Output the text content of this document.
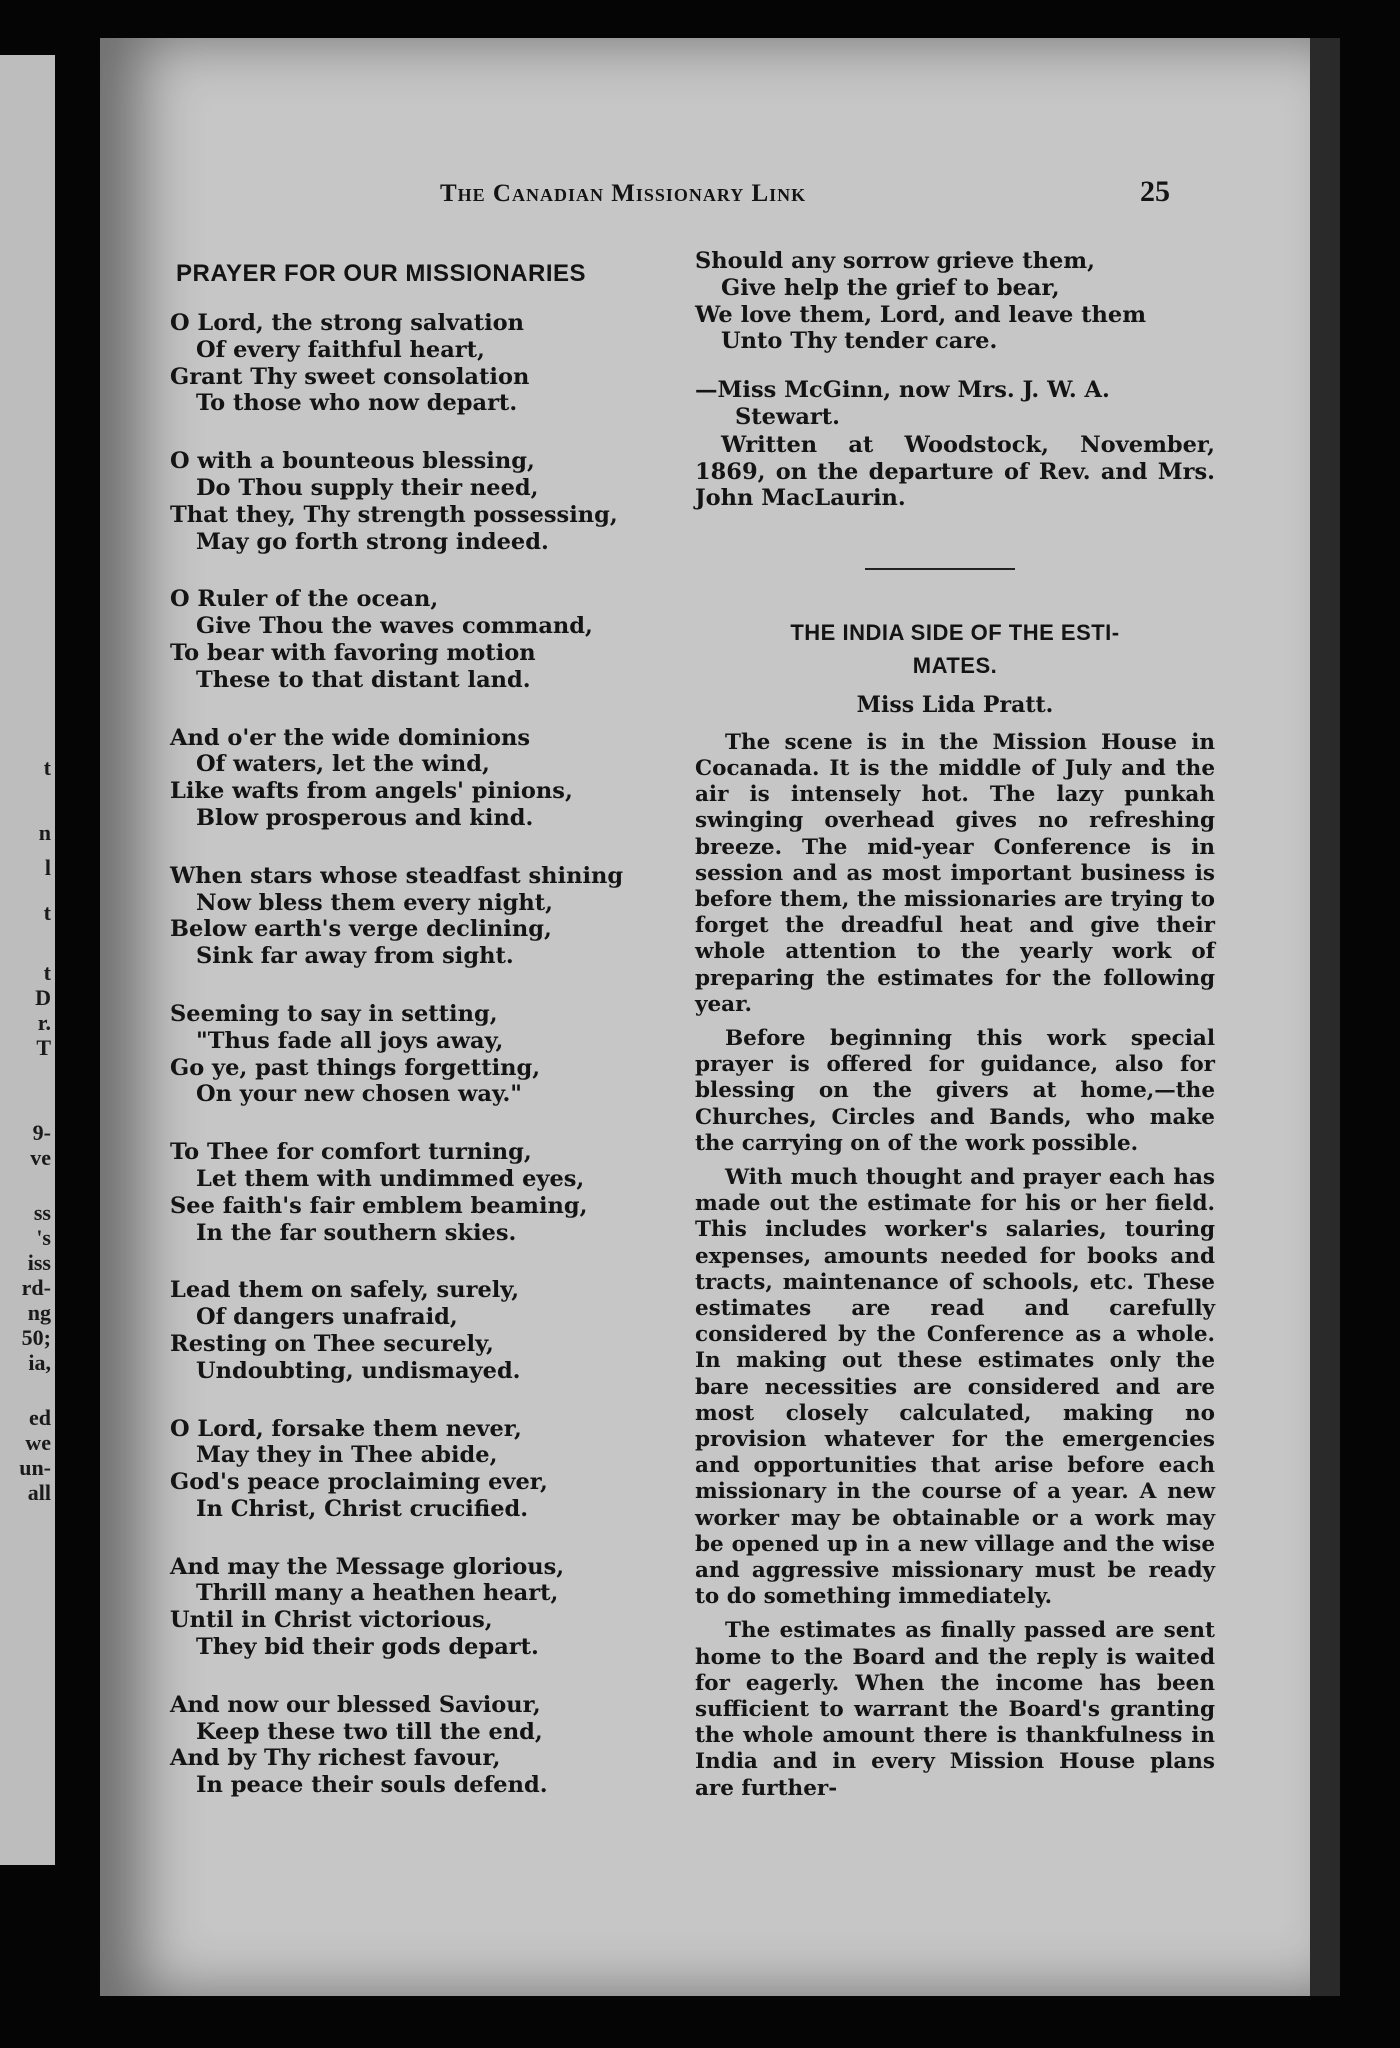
t
n
l
t
t
D
r.
T
9-
ve
ss
's
iss
rd-
ng
50;
ia,
ed
we
un-
all
The Canadian Missionary Link	25
PRAYER FOR OUR MISSIONARIES
O Lord, the strong salvation
Of every faithful heart,
Grant Thy sweet consolation
To those who now depart.
O with a bounteous blessing,
Do Thou supply their need,
That they, Thy strength possessing,
May go forth strong indeed.
O Ruler of the ocean,
Give Thou the waves command,
To bear with favoring motion
These to that distant land.
And o'er the wide dominions
Of waters, let the wind,
Like wafts from angels' pinions,
Blow prosperous and kind.
When stars whose steadfast shining
Now bless them every night,
Below earth's verge declining,
Sink far away from sight.
Seeming to say in setting,
"Thus fade all joys away,
Go ye, past things forgetting,
On your new chosen way."
To Thee for comfort turning,
Let them with undimmed eyes,
See faith's fair emblem beaming,
In the far southern skies.
Lead them on safely, surely,
Of dangers unafraid,
Resting on Thee securely,
Undoubting, undismayed.
O Lord, forsake them never,
May they in Thee abide,
God's peace proclaiming ever,
In Christ, Christ crucified.
And may the Message glorious,
Thrill many a heathen heart,
Until in Christ victorious,
They bid their gods depart.
And now our blessed Saviour,
Keep these two till the end,
And by Thy richest favour,
In peace their souls defend.
Should any sorrow grieve them,
Give help the grief to bear,
We love them, Lord, and leave them
Unto Thy tender care.
—Miss McGinn, now Mrs. J. W. A.
Stewart.
Written at Woodstock, November, 1869, on the departure of Rev. and Mrs. John MacLaurin.
THE INDIA SIDE OF THE ESTI-
MATES.
Miss Lida Pratt.

The scene is in the Mission House in Cocanada. It is the middle of July and the air is intensely hot. The lazy punkah swinging overhead gives no refreshing breeze. The mid-year Conference is in session and as most important business is before them, the missionaries are trying to forget the dreadful heat and give their whole attention to the yearly work of preparing the estimates for the following year.

Before beginning this work special prayer is offered for guidance, also for blessing on the givers at home,—the Churches, Circles and Bands, who make the carrying on of the work possible.

With much thought and prayer each has made out the estimate for his or her field. This includes worker's salaries, touring expenses, amounts needed for books and tracts, maintenance of schools, etc. These estimates are read and carefully considered by the Conference as a whole. In making out these estimates only the bare necessities are considered and are most closely calculated, making no provision whatever for the emergencies and opportunities that arise before each missionary in the course of a year. A new worker may be obtainable or a work may be opened up in a new village and the wise and aggressive missionary must be ready to do something immediately.

The estimates as finally passed are sent home to the Board and the reply is waited for eagerly. When the income has been sufficient to warrant the Board's granting the whole amount there is thankfulness in India and in every Mission House plans are further-
